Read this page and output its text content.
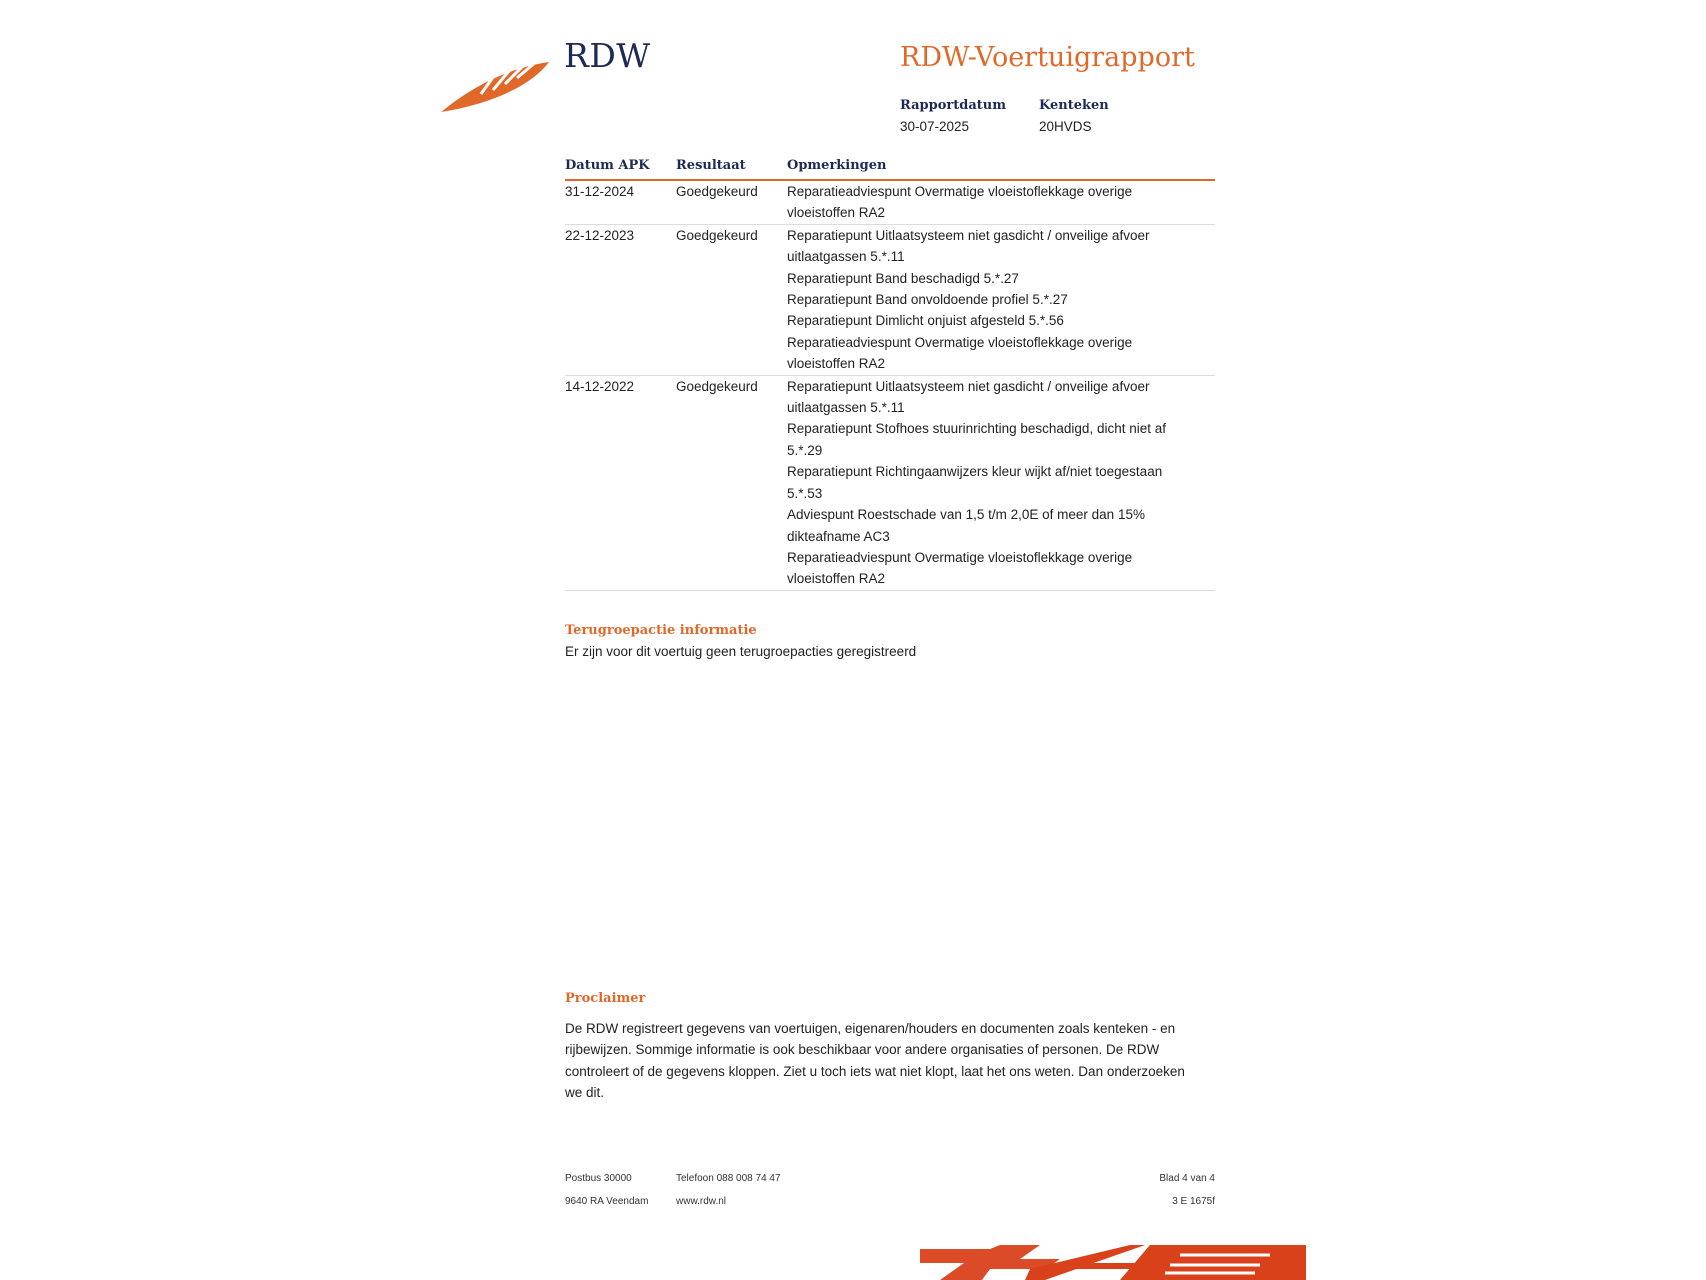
RDW	RDW-Voertuigrapport
Rapportdatum
30-07-2025
Kenteken
20HVDS
Datum APK	Resultaat	Opmerkingen
31-12-2024	Goedgekeurd	Reparatieadviespunt Overmatige vloeistoflekkage overige vloeistoffen RA2
22-12-2023	Goedgekeurd	Reparatiepunt Uitlaatsysteem niet gasdicht / onveilige afvoer uitlaatgassen 5.*.11
Reparatiepunt Band beschadigd 5.*.27
Reparatiepunt Band onvoldoende profiel 5.*.27
Reparatiepunt Dimlicht onjuist afgesteld 5.*.56
Reparatieadviespunt Overmatige vloeistoflekkage overige vloeistoffen RA2
14-12-2022	Goedgekeurd	Reparatiepunt Uitlaatsysteem niet gasdicht / onveilige afvoer uitlaatgassen 5.*.11
Reparatiepunt Stofhoes stuurinrichting beschadigd, dicht niet af 5.*.29
Reparatiepunt Richtingaanwijzers kleur wijkt af/niet toegestaan 5.*.53
Adviespunt Roestschade van 1,5 t/m 2,0E of meer dan 15% dikteafname AC3
Reparatieadviespunt Overmatige vloeistoflekkage overige vloeistoffen RA2
Terugroepactie informatie
Er zijn voor dit voertuig geen terugroepacties geregistreerd
Proclaimer
De RDW registreert gegevens van voertuigen, eigenaren/houders en documenten zoals kenteken - en rijbewijzen. Sommige informatie is ook beschikbaar voor andere organisaties of personen. De RDW controleert of de gegevens kloppen. Ziet u toch iets wat niet klopt, laat het ons weten. Dan onderzoeken we dit.
Postbus 30000
9640 RA Veendam
Telefoon 088 008 74 47
www.rdw.nl
Blad 4 van 4
3 E 1675f
